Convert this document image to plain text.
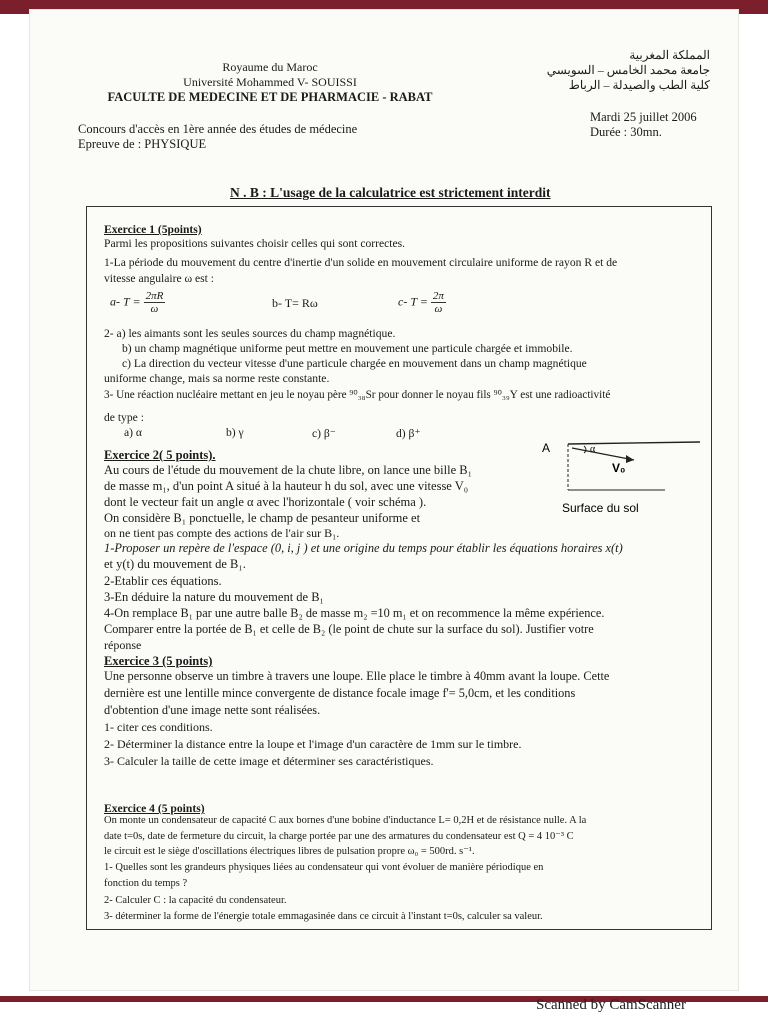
Royaume du Maroc
Université Mohammed V- SOUISSI
FACULTE DE MEDECINE ET DE PHARMACIE - RABAT
المملكة المغربية
جامعة محمد الخامس – السويسي
كلية الطب والصيدلة – الرباط
Concours d'accès en 1ère année des études de médecine
Epreuve de : PHYSIQUE
Mardi 25 juillet 2006
Durée : 30mn.
N . B : L'usage de la calculatrice est strictement interdit
Exercice 1 (5points)
Parmi les propositions suivantes choisir celles qui sont correctes.
1-La période du mouvement du centre d'inertie d'un solide en mouvement circulaire uniforme de rayon R et de
vitesse angulaire ω est :
a- $T = \frac{2\pi R}{\omega}$	b- T= Rω	c- $T = \frac{2\pi}{\omega}$
2- a) les aimants sont les seules sources du champ magnétique.
b) un champ magnétique uniforme peut mettre en mouvement une particule chargée et immobile.
c) La direction du vecteur vitesse d'une particule chargée en mouvement dans un champ magnétique
uniforme change, mais sa norme reste constante.
3- Une réaction nucléaire mettant en jeu le noyau père ⁹⁰₃₈Sr pour donner le noyau fils ⁹⁰₃₉Y est une radioactivité
de type :
a) α	b) γ	c) β⁻	d) β⁺
Exercice 2( 5 points).
Au cours de l'étude du mouvement de la chute libre, on lance une bille B₁
de masse m₁, d'un point A situé à la hauteur h du sol, avec une vitesse V₀
dont le vecteur fait un angle α avec l'horizontale ( voir schéma ).
On considère B₁ ponctuelle, le champ de pesanteur uniforme et
on ne tient pas compte des actions de l'air sur B₁.
1-Proposer un repère de l'espace (0, i, j ) et une origine du temps pour établir les équations horaires x(t)
et y(t) du mouvement de B₁.
2-Etablir ces équations.
3-En déduire la nature du mouvement de B₁
4-On remplace B₁ par une autre balle B₂ de masse m₂ =10 m₁ et on recommence la même expérience.
Comparer entre la portée de B₁ et celle de B₂ (le point de chute sur la surface du sol). Justifier votre
réponse
A	α
V₀
Surface du sol
Exercice 3 (5 points)
Une personne observe un timbre à travers une loupe. Elle place le timbre à 40mm avant la loupe. Cette
dernière est une lentille mince convergente de distance focale image f'= 5,0cm, et les conditions
d'obtention d'une image nette sont réalisées.
1- citer ces conditions.
2- Déterminer la distance entre la loupe et l'image d'un caractère de 1mm sur le timbre.
3- Calculer la taille de cette image et déterminer ses caractéristiques.
Exercice 4 (5 points)
On monte un condensateur de capacité C aux bornes d'une bobine d'inductance L= 0,2H et de résistance nulle. A la
date t=0s, date de fermeture du circuit, la charge portée par une des armatures du condensateur est Q = 4 10⁻³ C
le circuit est le siège d'oscillations électriques libres de pulsation propre ω₀ = 500rd. s⁻¹.
1- Quelles sont les grandeurs physiques liées au condensateur qui vont évoluer de manière périodique en
fonction du temps ?
2- Calculer C : la capacité du condensateur.
3- déterminer la forme de l'énergie totale emmagasinée dans ce circuit à l'instant t=0s, calculer sa valeur.
Scanned by CamScanner
